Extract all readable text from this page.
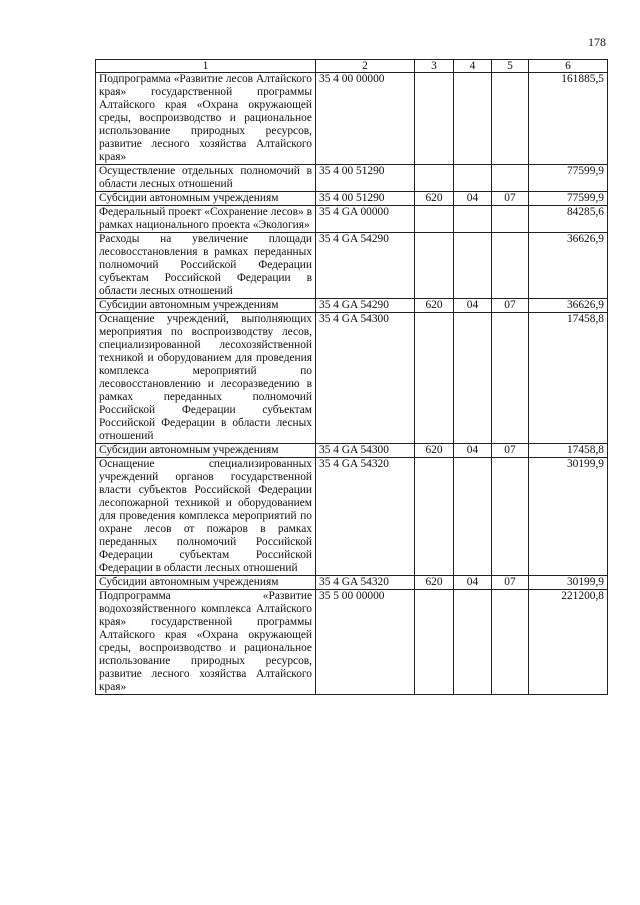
178
1	2	3	4	5	6
Подпрограмма «Развитие лесов Алтайского края» государственной программы Алтайского края «Охрана окружающей среды, воспроизводство и рациональное использование природных ресурсов, развитие лесного хозяйства Алтайского края»	35 4 00 00000				161885,5
Осуществление отдельных полномочий в области лесных отношений	35 4 00 51290				77599,9
Субсидии автономным учреждениям	35 4 00 51290	620	04	07	77599,9
Федеральный проект «Сохранение лесов» в рамках национального проекта «Экология»	35 4 GA 00000				84285,6
Расходы на увеличение площади лесовосстановления в рамках переданных полномочий Российской Федерации субъектам Российской Федерации в области лесных отношений	35 4 GA 54290				36626,9
Субсидии автономным учреждениям	35 4 GA 54290	620	04	07	36626,9
Оснащение учреждений, выполняющих мероприятия по воспроизводству лесов, специализированной лесохозяйственной техникой и оборудованием для проведения комплекса мероприятий по лесовосстановлению и лесоразведению в рамках переданных полномочий Российской Федерации субъектам Российской Федерации в области лесных отношений	35 4 GA 54300				17458,8
Субсидии автономным учреждениям	35 4 GA 54300	620	04	07	17458,8
Оснащение специализированных учреждений органов государственной власти субъектов Российской Федерации лесопожарной техникой и оборудованием для проведения комплекса мероприятий по охране лесов от пожаров в рамках переданных полномочий Российской Федерации субъектам Российской Федерации в области лесных отношений	35 4 GA 54320				30199,9
Субсидии автономным учреждениям	35 4 GA 54320	620	04	07	30199,9
Подпрограмма «Развитие водохозяйственного комплекса Алтайского края» государственной программы Алтайского края «Охрана окружающей среды, воспроизводство и рациональное использование природных ресурсов, развитие лесного хозяйства Алтайского края»	35 5 00 00000				221200,8
